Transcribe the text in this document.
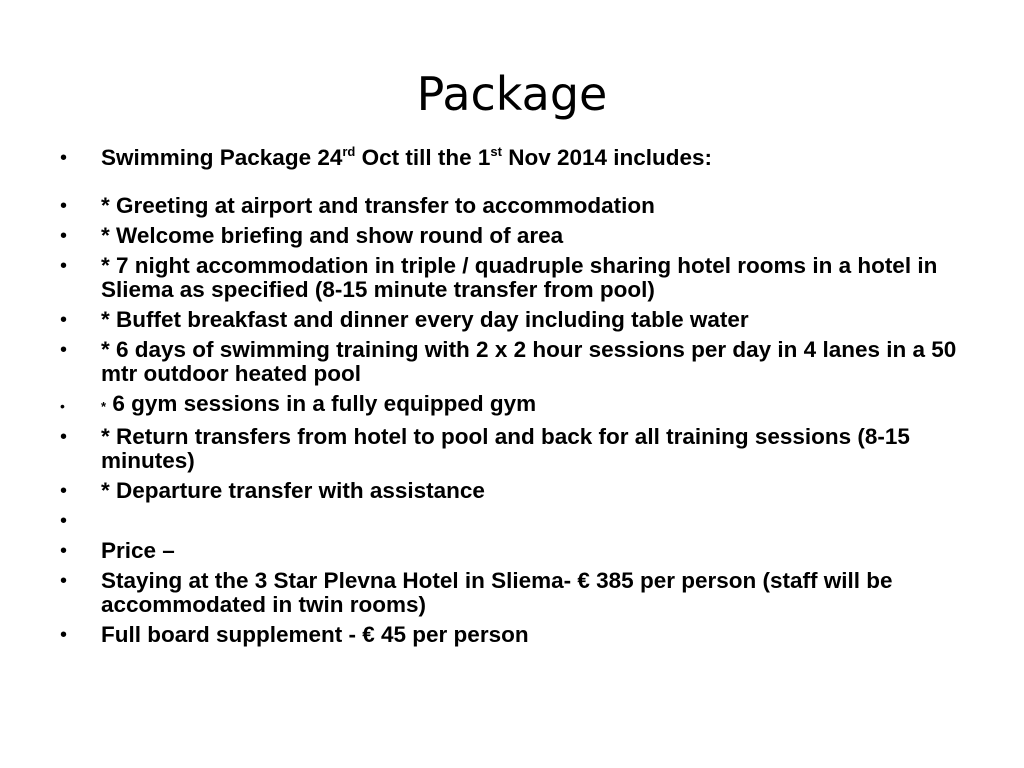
Package
• Swimming Package 24rd Oct till the 1st Nov 2014 includes:
• * Greeting at airport and transfer to accommodation
• * Welcome briefing and show round of area
• * 7 night accommodation in triple / quadruple sharing hotel rooms in a hotel in Sliema as specified (8-15 minute transfer from pool)
• * Buffet breakfast and dinner every day including table water
• * 6 days of swimming training with 2 x 2 hour sessions per day in 4 lanes in a 50 mtr outdoor heated pool
•	* 6 gym sessions in a fully equipped gym
• * Return transfers from hotel to pool and back for all training sessions (8-15 minutes)
• * Departure transfer with assistance
•
• Price –
• Staying at the 3 Star Plevna Hotel in Sliema- € 385 per person (staff will be accommodated in twin rooms)
• Full board supplement - € 45 per person
